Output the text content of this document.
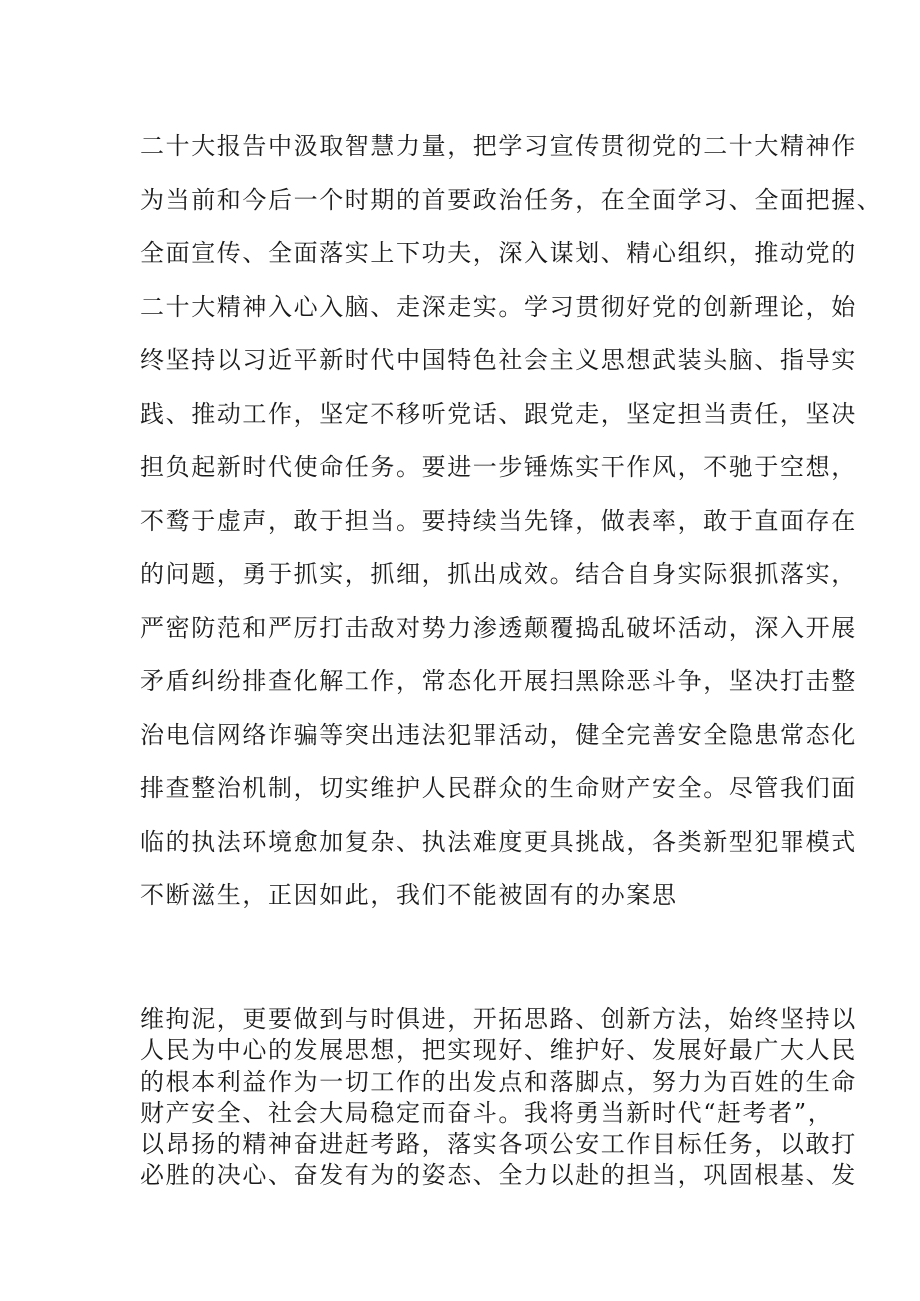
二十大报告中汲取智慧力量，把学习宣传贯彻党的二十大精神作
为当前和今后一个时期的首要政治任务，在全面学习、全面把握、
全面宣传、全面落实上下功夫，深入谋划、精心组织，推动党的
二十大精神入心入脑、走深走实。学习贯彻好党的创新理论，始
终坚持以习近平新时代中国特色社会主义思想武装头脑、指导实
践、推动工作，坚定不移听党话、跟党走，坚定担当责任，坚决
担负起新时代使命任务。要进一步锤炼实干作风，不驰于空想，
不鹜于虚声，敢于担当。要持续当先锋，做表率，敢于直面存在
的问题，勇于抓实，抓细，抓出成效。结合自身实际狠抓落实，
严密防范和严厉打击敌对势力渗透颠覆捣乱破坏活动，深入开展
矛盾纠纷排查化解工作，常态化开展扫黑除恶斗争，坚决打击整
治电信网络诈骗等突出违法犯罪活动，健全完善安全隐患常态化
排查整治机制，切实维护人民群众的生命财产安全。尽管我们面
临的执法环境愈加复杂、执法难度更具挑战，各类新型犯罪模式
不断滋生，正因如此，我们不能被固有的办案思
维拘泥，更要做到与时俱进，开拓思路、创新方法，始终坚持以
人民为中心的发展思想，把实现好、维护好、发展好最广大人民
的根本利益作为一切工作的出发点和落脚点，努力为百姓的生命
财产安全、社会大局稳定而奋斗。我将勇当新时代“赶考者”，
以昂扬的精神奋进赶考路，落实各项公安工作目标任务，以敢打
必胜的决心、奋发有为的姿态、全力以赴的担当，巩固根基、发
